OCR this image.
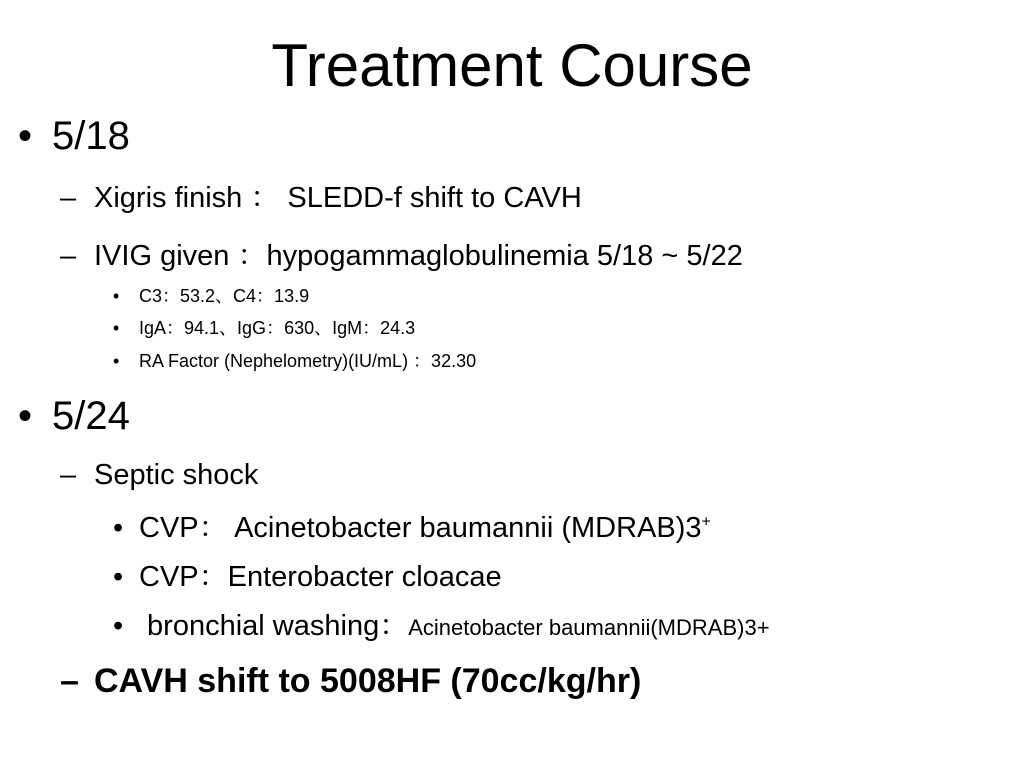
Treatment Course
• 5/18
– Xigris finish ： SLEDD-f shift to CAVH
– IVIG given ：hypogammaglobulinemia 5/18 ~ 5/22
• C3：53.2、C4：13.9
• IgA：94.1、IgG：630、IgM：24.3
• RA Factor (Nephelometry)(IU/mL) ：32.30
• 5/24
– Septic shock
• CVP： Acinetobacter baumannii (MDRAB)3+
• CVP：Enterobacter cloacae
• bronchial washing：Acinetobacter baumannii(MDRAB)3+
– CAVH shift to 5008HF (70cc/kg/hr)
